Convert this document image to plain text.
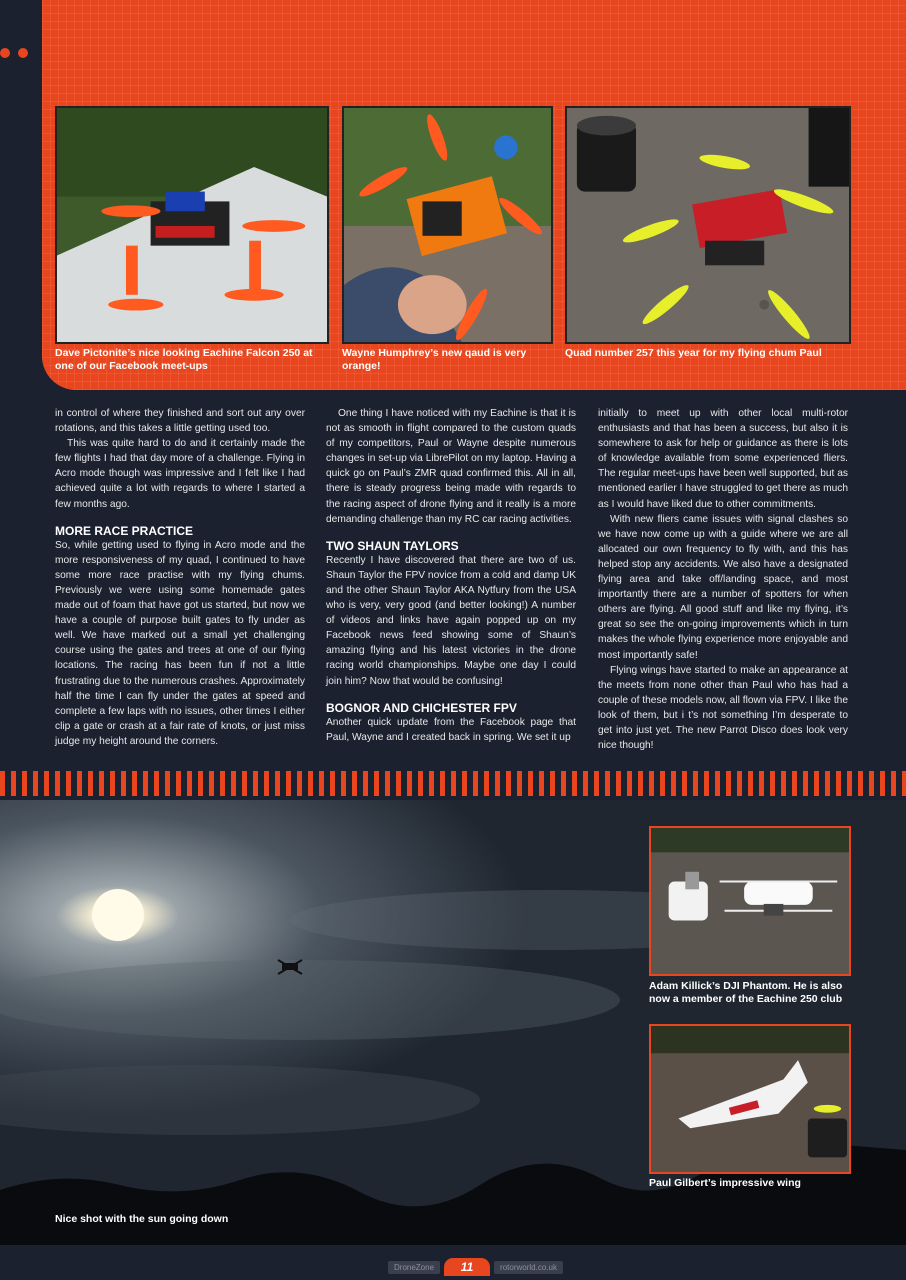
Dave Pictonite’s nice looking Eachine Falcon 250 at one of our Facebook meet-ups
Wayne Humphrey’s new qaud is very orange!
Quad number 257 this year for my flying chum Paul

in control of where they finished and sort out any over rotations, and this takes a little getting used too.

This was quite hard to do and it certainly made the few flights I had that day more of a challenge. Flying in Acro mode though was impressive and I felt like I had achieved quite a lot with regards to where I started a few months ago.

MORE RACE PRACTICE

So, while getting used to flying in Acro mode and the more responsiveness of my quad, I continued to have some more race practise with my flying chums. Previously we were using some homemade gates made out of foam that have got us started, but now we have a couple of purpose built gates to fly under as well. We have marked out a small yet challenging course using the gates and trees at one of our flying locations. The racing has been fun if not a little frustrating due to the numerous crashes. Approximately half the time I can fly under the gates at speed and complete a few laps with no issues, other times I either clip a gate or crash at a fair rate of knots, or just miss judge my height around the corners.

One thing I have noticed with my Eachine is that it is not as smooth in flight compared to the custom quads of my competitors, Paul or Wayne despite numerous changes in set-up via LibrePilot on my laptop. Having a quick go on Paul’s ZMR quad confirmed this. All in all, there is steady progress being made with regards to the racing aspect of drone flying and it really is a more demanding challenge than my RC car racing activities.

TWO SHAUN TAYLORS

Recently I have discovered that there are two of us. Shaun Taylor the FPV novice from a cold and damp UK and the other Shaun Taylor AKA Nytfury from the USA who is very, very good (and better looking!) A number of videos and links have again popped up on my Facebook news feed showing some of Shaun’s amazing flying and his latest victories in the drone racing world championships. Maybe one day I could join him? Now that would be confusing!

BOGNOR AND CHICHESTER FPV

Another quick update from the Facebook page that Paul, Wayne and I created back in spring. We set it up

initially to meet up with other local multi-rotor enthusiasts and that has been a success, but also it is somewhere to ask for help or guidance as there is lots of knowledge available from some experienced fliers. The regular meet-ups have been well supported, but as mentioned earlier I have struggled to get there as much as I would have liked due to other commitments.

With new fliers came issues with signal clashes so we have now come up with a guide where we are all allocated our own frequency to fly with, and this has helped stop any accidents. We also have a designated flying area and take off/landing space, and most importantly there are a number of spotters for when others are flying. All good stuff and like my flying, it’s great so see the on-going improvements which in turn makes the whole flying experience more enjoyable and most importantly safe!

Flying wings have started to make an appearance at the meets from none other than Paul who has had a couple of these models now, all flown via FPV. I like the look of them, but i t’s not something I’m desperate to get into just yet. The new Parrot Disco does look very nice though!

Nice shot with the sun going down
Adam Killick’s DJI Phantom. He is also now a member of the Eachine 250 club
Paul Gilbert’s impressive wing
DroneZone	11	rotorworld.co.uk
